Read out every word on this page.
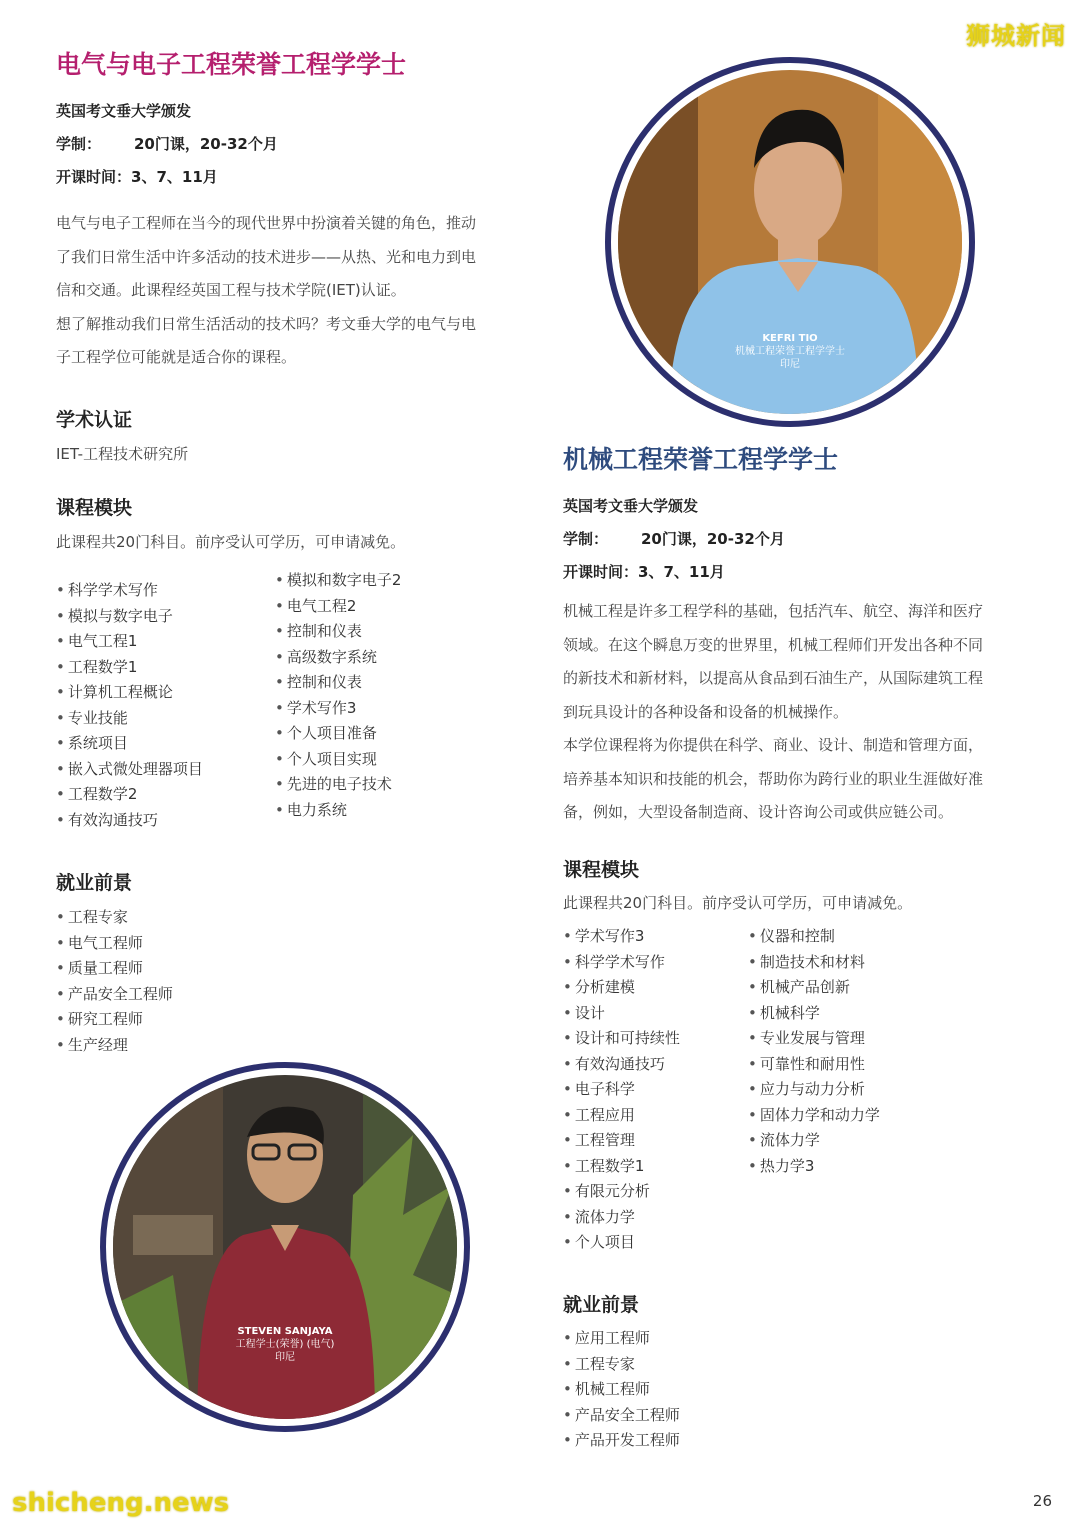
狮城新闻
shicheng.news	26
电气与电子工程荣誉工程学学士
英国考文垂大学颁发
学制： 20门课，20-32个月
开课时间：3、7、11月
电气与电子工程师在当今的现代世界中扮演着关键的角色，推动
了我们日常生活中许多活动的技术进步——从热、光和电力到电
信和交通。此课程经英国工程与技术学院(IET)认证。
想了解推动我们日常生活活动的技术吗？考文垂大学的电气与电
子工程学位可能就是适合你的课程。
学术认证
IET-工程技术研究所
课程模块
此课程共20门科目。前序受认可学历，可申请减免。
• 科学学术写作
• 模拟与数字电子
• 电气工程1
• 工程数学1
• 计算机工程概论
• 专业技能
• 系统项目
• 嵌入式微处理器项目
• 工程数学2
• 有效沟通技巧
• 模拟和数字电子2
• 电气工程2
• 控制和仪表
• 高级数字系统
• 控制和仪表
• 学术写作3
• 个人项目准备
• 个人项目实现
• 先进的电子技术
• 电力系统
就业前景
• 工程专家
• 电气工程师
• 质量工程师
• 产品安全工程师
• 研究工程师
• 生产经理
STEVEN SANJAYA
工程学士(荣誉) (电气)
印尼
KEFRI TIO
机械工程荣誉工程学学士
印尼
机械工程荣誉工程学学士
英国考文垂大学颁发
学制： 20门课，20-32个月
开课时间：3、7、11月
机械工程是许多工程学科的基础，包括汽车、航空、海洋和医疗
领域。在这个瞬息万变的世界里，机械工程师们开发出各种不同
的新技术和新材料，以提高从食品到石油生产，从国际建筑工程
到玩具设计的各种设备和设备的机械操作。
本学位课程将为你提供在科学、商业、设计、制造和管理方面，
培养基本知识和技能的机会，帮助你为跨行业的职业生涯做好准
备，例如，大型设备制造商、设计咨询公司或供应链公司。
课程模块
此课程共20门科目。前序受认可学历，可申请减免。
• 学术写作3
• 科学学术写作
• 分析建模
• 设计
• 设计和可持续性
• 有效沟通技巧
• 电子科学
• 工程应用
• 工程管理
• 工程数学1
• 有限元分析
• 流体力学
• 个人项目
• 仪器和控制
• 制造技术和材料
• 机械产品创新
• 机械科学
• 专业发展与管理
• 可靠性和耐用性
• 应力与动力分析
• 固体力学和动力学
• 流体力学
• 热力学3
就业前景
• 应用工程师
• 工程专家
• 机械工程师
• 产品安全工程师
• 产品开发工程师
